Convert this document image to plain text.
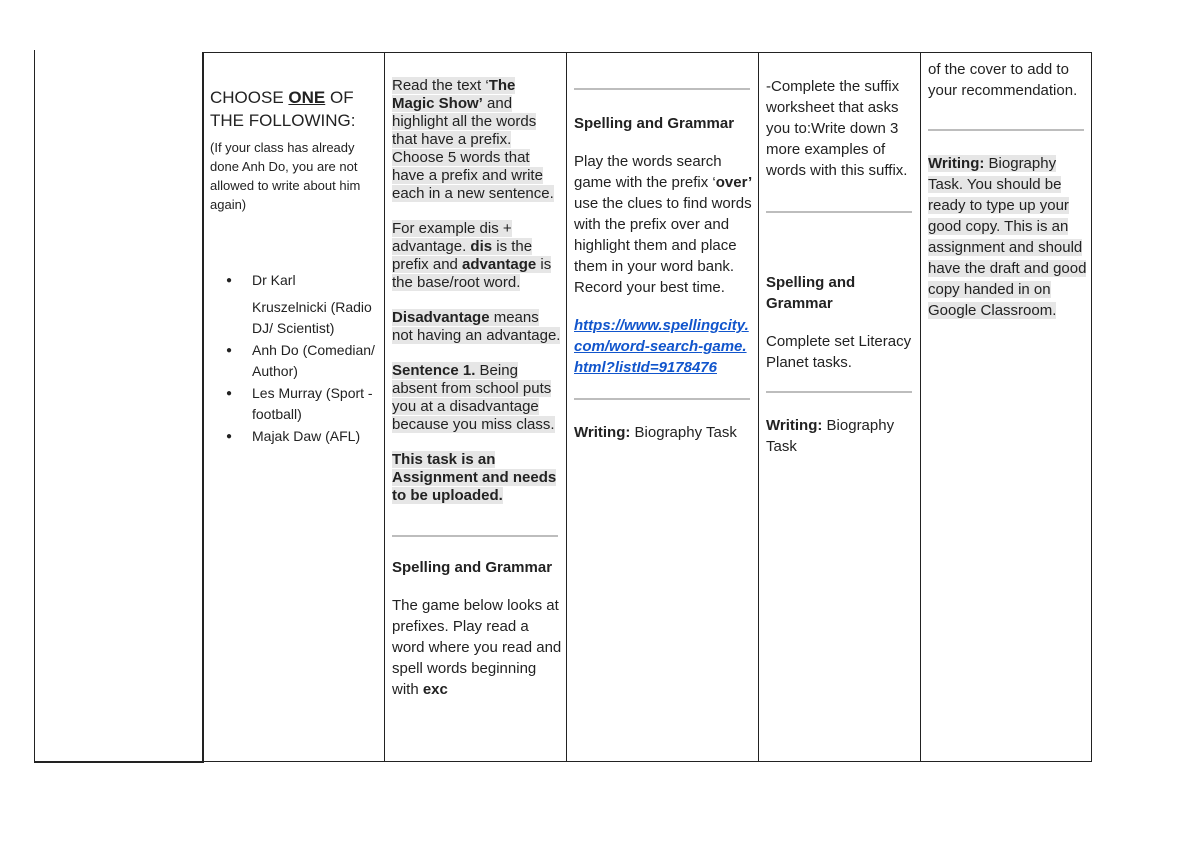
CHOOSE ONE OF THE FOLLOWING:

(If your class has already done Anh Do, you are not allowed to write about him again)

● Dr Karl

Kruszelnicki (Radio DJ/ Scientist)
● Anh Do (Comedian/ Author)
● Les Murray (Sport - football)
● Majak Daw (AFL)

Read the text ‘The Magic Show’ and highlight all the words that have a prefix. Choose 5 words that have a prefix and write each in a new sentence.

For example dis + advantage. dis is the prefix and advantage is the base/root word.

Disadvantage means not having an advantage.

Sentence 1. Being absent from school puts you at a disadvantage because you miss class.

This task is an Assignment and needs to be uploaded.

Spelling and Grammar

The game below looks at prefixes. Play read a word where you read and spell words beginning with exc

Spelling and Grammar

Play the words search game with the prefix ‘over’ use the clues to find words with the prefix over and highlight them and place them in your word bank. Record your best time.

https://www.spellingcity.com/word-search-game.html?listId=9178476

Writing: Biography Task

-Complete the suffix worksheet that asks you to:Write down 3 more examples of words with this suffix.

Spelling and Grammar

Complete set Literacy Planet tasks.

Writing: Biography Task

of the cover to add to your recommendation.

Writing: Biography Task. You should be ready to type up your good copy. This is an assignment and should have the draft and good copy handed in on Google Classroom.
